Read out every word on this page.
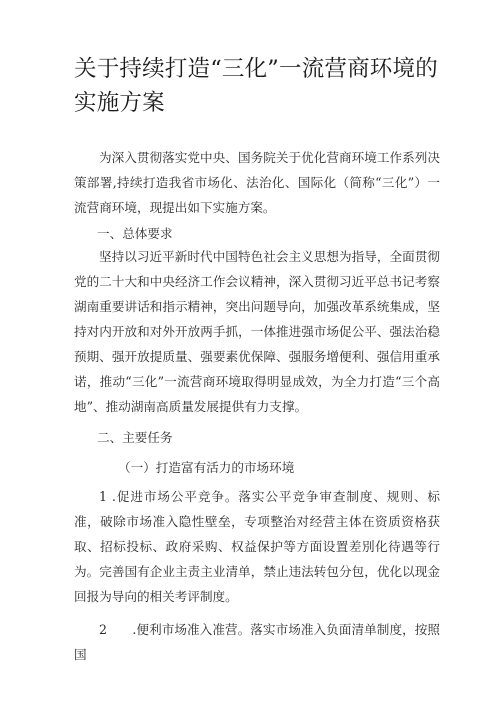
关于持续打造“三化”一流营商环境的实施方案

为深入贯彻落实党中央、国务院关于优化营商环境工作系列决策部署,持续打造我省市场化、法治化、国际化（简称“三化”）一流营商环境，现提出如下实施方案。

一、总体要求

坚持以习近平新时代中国特色社会主义思想为指导，全面贯彻党的二十大和中央经济工作会议精神，深入贯彻习近平总书记考察湖南重要讲话和指示精神，突出问题导向，加强改革系统集成，坚持对内开放和对外开放两手抓，一体推进强市场促公平、强法治稳预期、强开放提质量、强要素优保障、强服务增便利、强信用重承诺，推动“三化”一流营商环境取得明显成效，为全力打造“三个高地”、推动湖南高质量发展提供有力支撑。

二、主要任务

（一）打造富有活力的市场环境

1 .促进市场公平竞争。落实公平竞争审查制度、规则、标准，破除市场准入隐性壁垒，专项整治对经营主体在资质资格获取、招标投标、政府采购、权益保护等方面设置差別化待遇等行为。完善国有企业主责主业清单，禁止违法转包分包，优化以现金回报为导向的相关考评制度。

2　　.便利市场准入准营。落实市场准入负面清单制度，按照国
